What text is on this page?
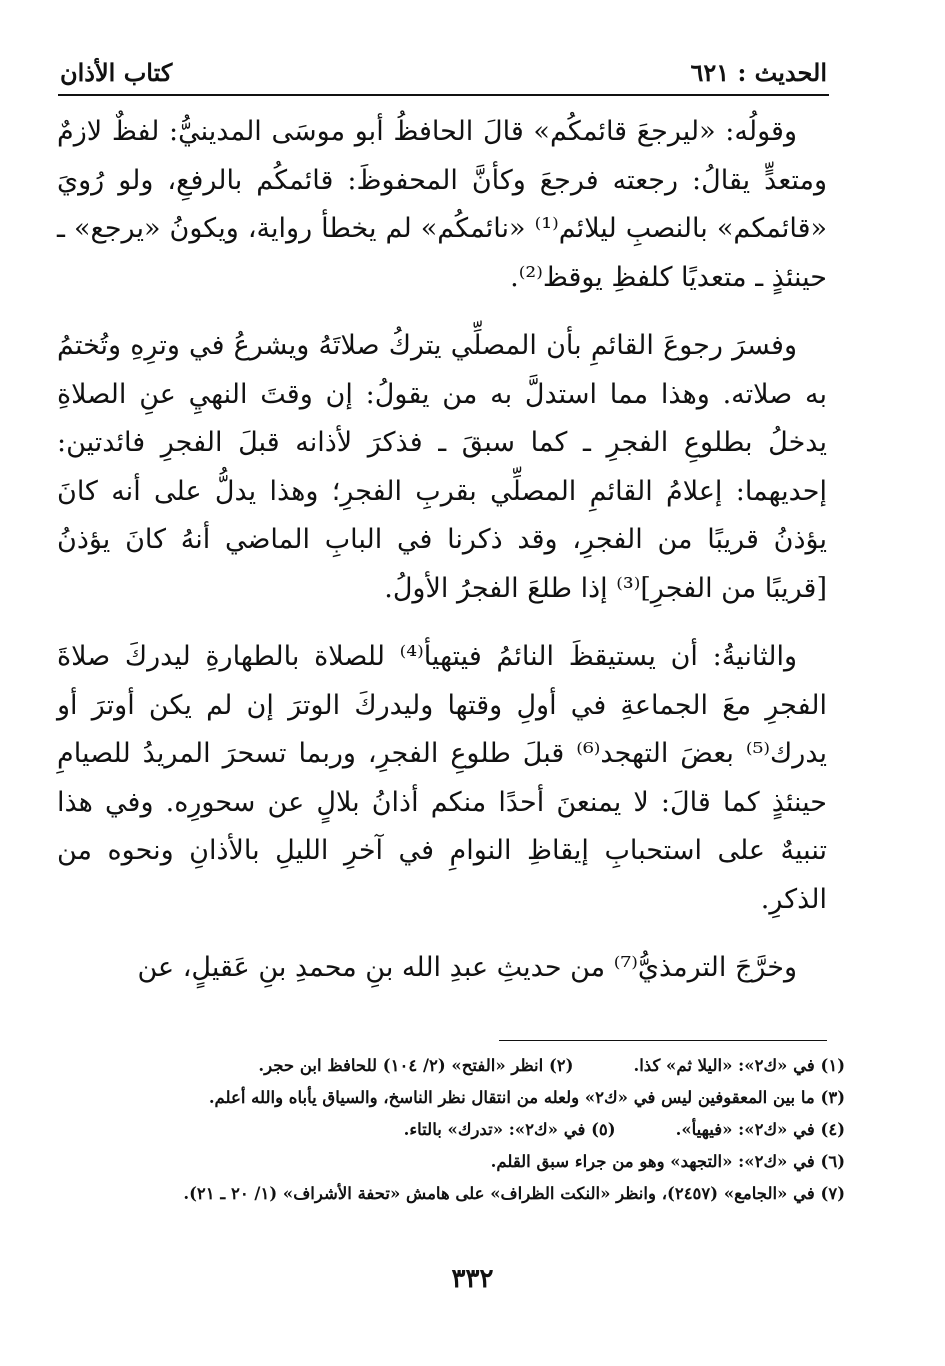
الحديث : ٦٢١
كتاب الأذان

وقولُه: «ليرجعَ قائمكُم» قالَ الحافظُ أبو موسَى المدينيُّ: لفظٌ لازمٌ ومتعدٍّ يقالُ: رجعته فرجعَ وكأنَّ المحفوظَ: قائمكُم بالرفعِ، ولو رُويَ «قائمكم» بالنصبِ ليلائم⁽¹⁾ «نائمكُم» لم يخطأ رواية، ويكونُ «يرجع» ـ حينئذٍ ـ متعديًا كلفظِ يوقظ⁽²⁾.

وفسرَ رجوعَ القائمِ بأن المصلِّي يتركُ صلاتَهُ ويشرعُ في وترِهِ وتُختمُ به صلاته. وهذا مما استدلَّ به من يقولُ: إن وقتَ النهيِ عنِ الصلاةِ يدخلُ بطلوعِ الفجرِ ـ كما سبقَ ـ فذكرَ لأذانه قبلَ الفجرِ فائدتين: إحديهما: إعلامُ القائمِ المصلِّي بقربِ الفجرِ؛ وهذا يدلُّ على أنه كانَ يؤذنُ قريبًا من الفجرِ، وقد ذكرنا في البابِ الماضي أنهُ كانَ يؤذنُ [قريبًا من الفجرِ]⁽³⁾ إذا طلعَ الفجرُ الأولُ.

والثانيةُ: أن يستيقظَ النائمُ فيتهيأ⁽⁴⁾ للصلاة بالطهارةِ ليدركَ صلاةَ الفجرِ معَ الجماعةِ في أولِ وقتها وليدركَ الوترَ إن لم يكن أوترَ أو يدرك⁽⁵⁾ بعضَ التهجد⁽⁶⁾ قبلَ طلوعِ الفجرِ، وربما تسحرَ المريدُ للصيامِ حينئذٍ كما قالَ: لا يمنعنَ أحدًا منكم أذانُ بلالٍ عن سحورِه. وفي هذا تنبيهٌ على استحبابِ إيقاظِ النوامِ في آخرِ الليلِ بالأذانِ ونحوه من الذكرِ.

وخرَّجَ الترمذيُّ⁽⁷⁾ من حديثِ عبدِ الله بنِ محمدِ بنِ عَقيلٍ، عن

(١) في «ك٢»: «اليلا ثم» كذا.(٢) انظر «الفتح» (٢/ ١٠٤) للحافظ ابن حجر.
(٣) ما بين المعقوفين ليس في «ك٢» ولعله من انتقال نظر الناسخ، والسياق يأباه والله أعلم.
(٤) في «ك٢»: «فيهيأ».(٥) في «ك٢»: «تدرك» بالتاء.
(٦) في «ك٢»: «التجهد» وهو من جراء سبق القلم.
(٧) في «الجامع» (٢٤٥٧)، وانظر «النكت الظراف» على هامش «تحفة الأشراف» (١/ ٢٠ ـ ٢١).
٣٣٢
